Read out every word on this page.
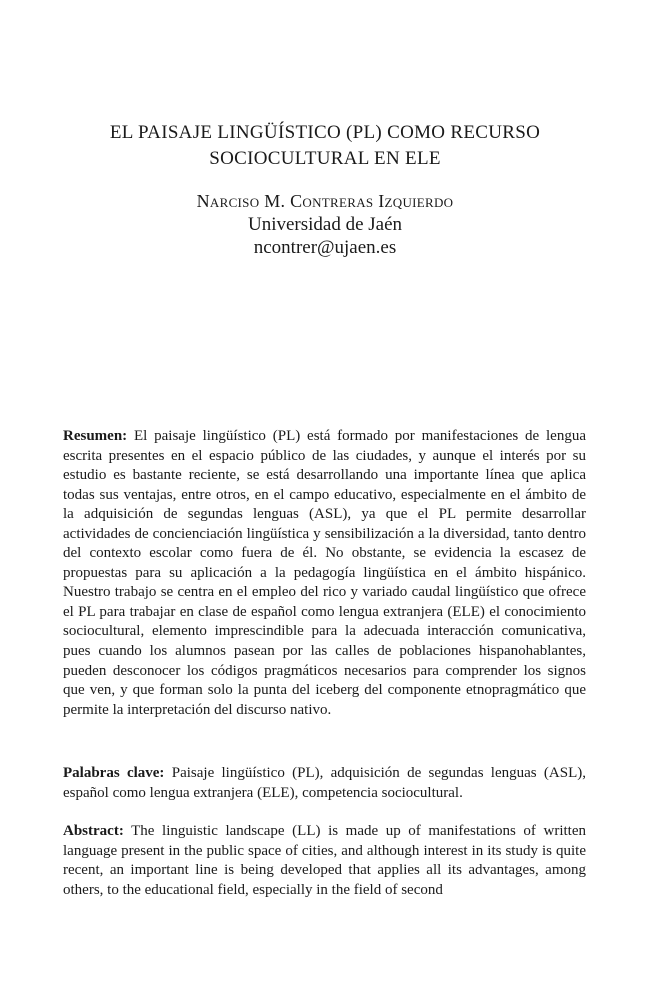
EL PAISAJE LINGÜÍSTICO (PL) COMO RECURSO
SOCIOCULTURAL EN ELE
Narciso M. Contreras Izquierdo
Universidad de Jaén
ncontrer@ujaen.es

Resumen: El paisaje lingüístico (PL) está formado por manifestaciones de lengua escrita presentes en el espacio público de las ciudades, y aunque el interés por su estudio es bastante reciente, se está desarrollando una importante línea que aplica todas sus ventajas, entre otros, en el campo educativo, especialmente en el ámbito de la adquisición de segundas lenguas (ASL), ya que el PL permite desarrollar actividades de concienciación lingüística y sensibilización a la diversidad, tanto dentro del contexto escolar como fuera de él. No obstante, se evidencia la escasez de propuestas para su aplicación a la pedagogía lingüística en el ámbito hispánico. Nuestro trabajo se centra en el empleo del rico y variado caudal lingüístico que ofrece el PL para trabajar en clase de español como lengua extranjera (ELE) el conocimiento sociocultural, elemento imprescindible para la adecuada interacción comunicativa, pues cuando los alumnos pasean por las calles de poblaciones hispanohablantes, pueden desconocer los códigos pragmáticos necesarios para comprender los signos que ven, y que forman solo la punta del iceberg del componente etnopragmático que permite la interpretación del discurso nativo.

Palabras clave: Paisaje lingüístico (PL), adquisición de segundas lenguas (ASL), español como lengua extranjera (ELE), competencia sociocultural.

Abstract: The linguistic landscape (LL) is made up of manifestations of written language present in the public space of cities, and although interest in its study is quite recent, an important line is being developed that applies all its advantages, among others, to the educational field, especially in the field of second
